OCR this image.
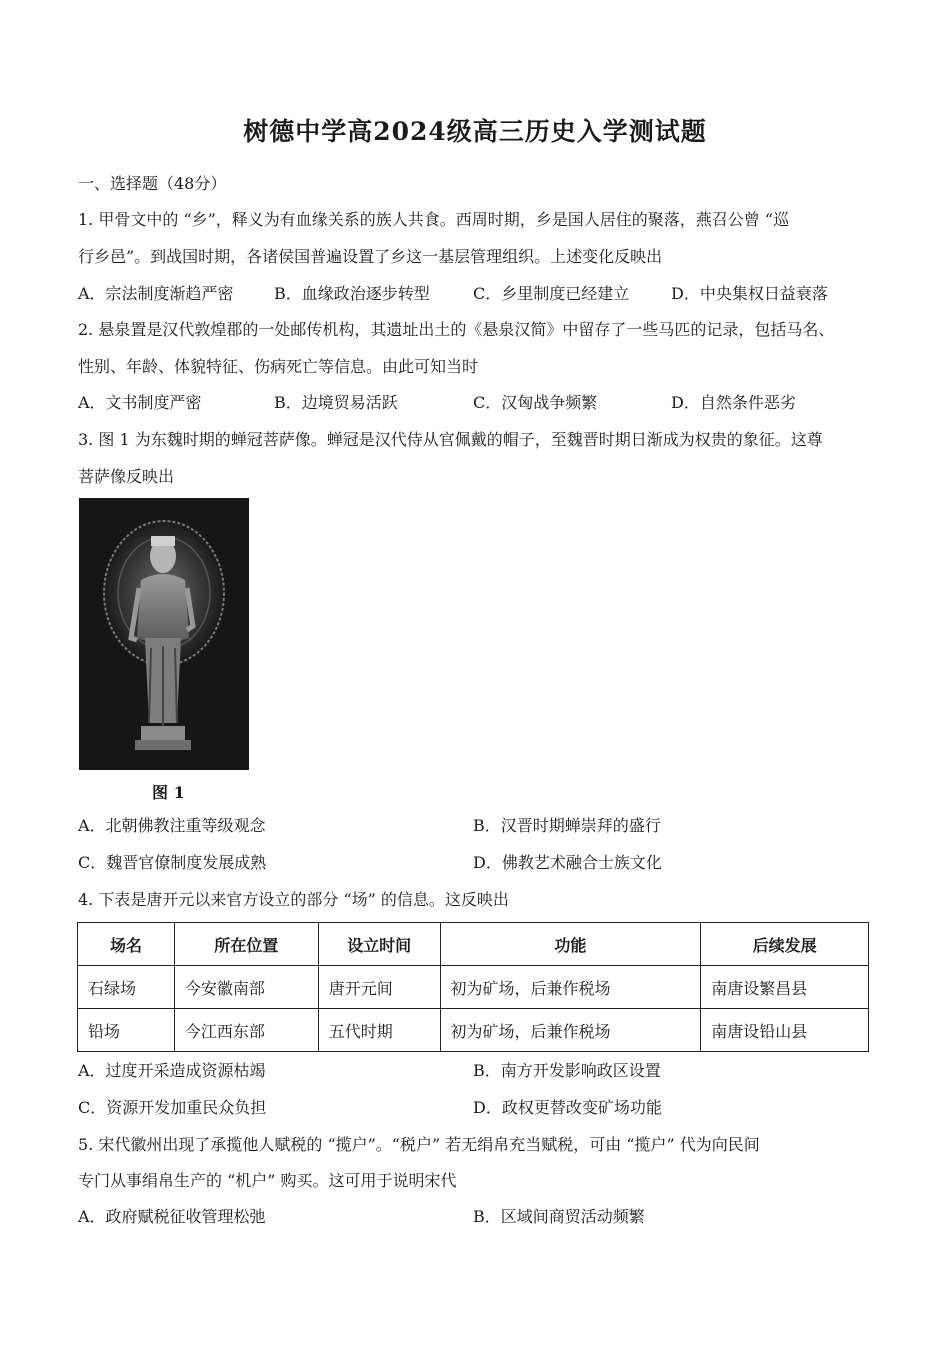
树德中学高2024级高三历史入学测试题
一、选择题（48分）
1. 甲骨文中的 “乡”，释义为有血缘关系的族人共食。西周时期，乡是国人居住的聚落，燕召公曾 “巡
行乡邑”。到战国时期，各诸侯国普遍设置了乡这一基层管理组织。上述变化反映出
A．宗法制度渐趋严密	B．血缘政治逐步转型	C．乡里制度已经建立	D．中央集权日益衰落
2. 悬泉置是汉代敦煌郡的一处邮传机构，其遗址出土的《悬泉汉简》中留存了一些马匹的记录，包括马名、
性别、年龄、体貌特征、伤病死亡等信息。由此可知当时
A．文书制度严密	B．边境贸易活跃	C．汉匈战争频繁	D．自然条件恶劣
3. 图 1 为东魏时期的蝉冠菩萨像。蝉冠是汉代侍从官佩戴的帽子，至魏晋时期日渐成为权贵的象征。这尊
菩萨像反映出
图 1
A．北朝佛教注重等级观念	B．汉晋时期蝉崇拜的盛行
C．魏晋官僚制度发展成熟	D．佛教艺术融合士族文化
4. 下表是唐开元以来官方设立的部分 “场” 的信息。这反映出
场名	所在位置	设立时间	功能	后续发展
石绿场	今安徽南部	唐开元间	初为矿场，后兼作税场	南唐设繁昌县
铅场	今江西东部	五代时期	初为矿场，后兼作税场	南唐设铅山县
A．过度开采造成资源枯竭	B．南方开发影响政区设置
C．资源开发加重民众负担	D．政权更替改变矿场功能
5. 宋代徽州出现了承揽他人赋税的 “揽户”。“税户” 若无绢帛充当赋税，可由 “揽户” 代为向民间
专门从事绢帛生产的 “机户” 购买。这可用于说明宋代
A．政府赋税征收管理松弛	B．区域间商贸活动频繁
